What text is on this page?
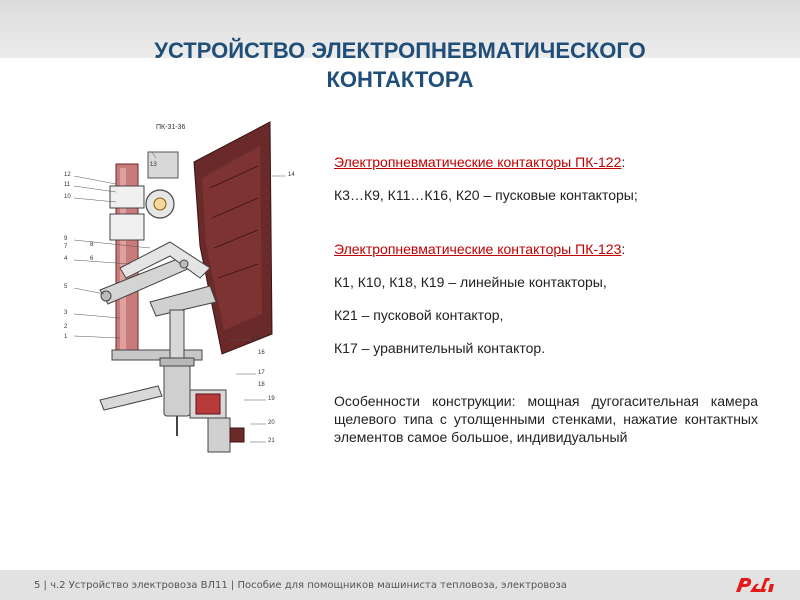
УСТРОЙСТВО ЭЛЕКТРОПНЕВМАТИЧЕСКОГО
КОНТАКТОРА
ПК-31-36
13
14
12
11
10
9
7	8
6
5
4
3
2
1	15
16
17
18
19
20
21

Электропневматические контакторы ПК-122:

К3…К9, К11…К16, К20 – пусковые контакторы;

Электропневматические контакторы ПК-123:

К1, К10, К18, К19 – линейные контакторы,

К21 – пусковой контактор,

К17 – уравнительный контактор.

Особенности конструкции: мощная дугогасительная камера щелевого типа с утолщенными стенками, нажатие контактных элементов самое большое, индивидуальный

5 | ч.2 Устройство электровоза ВЛ11 | Пособие для помощников машиниста тепловоза, электровоза
